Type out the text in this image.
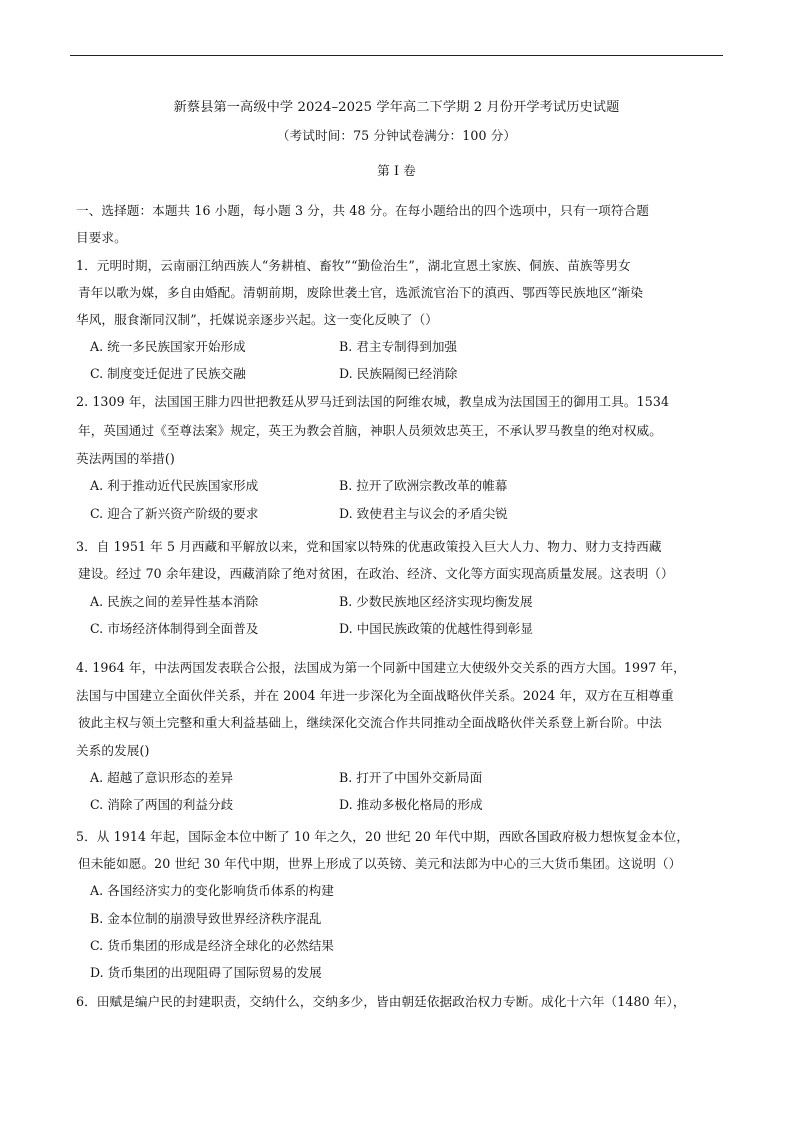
新蔡县第一高级中学 2024–2025 学年高二下学期 2 月份开学考试历史试题
（考试时间：75 分钟试卷满分：100 分）
第 I 卷
一、选择题：本题共 16 小题，每小题 3 分，共 48 分。在每小题给出的四个选项中，只有一项符合题
目要求。
1．元明时期，云南丽江纳西族人“务耕植、畜牧”“勤俭治生”，湖北宣恩土家族、侗族、苗族等男女
青年以歌为媒，多自由婚配。清朝前期，废除世袭土官，选派流官治下的滇西、鄂西等民族地区“渐染
华风，服食渐同汉制”，托媒说亲逐步兴起。这一变化反映了（）
A. 统一多民族国家开始形成	B. 君主专制得到加强
C. 制度变迁促进了民族交融	D. 民族隔阂已经消除
2. 1309 年，法国国王腓力四世把教廷从罗马迁到法国的阿维农城，教皇成为法国国王的御用工具。1534
年，英国通过《至尊法案》规定，英王为教会首脑，神职人员须效忠英王，不承认罗马教皇的绝对权威。
英法两国的举措()
A. 利于推动近代民族国家形成	B. 拉开了欧洲宗教改革的帷幕
C. 迎合了新兴资产阶级的要求	D. 致使君主与议会的矛盾尖锐
3．自 1951 年 5 月西藏和平解放以来，党和国家以特殊的优惠政策投入巨大人力、物力、财力支持西藏
建设。经过 70 余年建设，西藏消除了绝对贫困，在政治、经济、文化等方面实现高质量发展。这表明（）
A. 民族之间的差异性基本消除	B. 少数民族地区经济实现均衡发展
C. 市场经济体制得到全面普及	D. 中国民族政策的优越性得到彰显
4. 1964 年，中法两国发表联合公报，法国成为第一个同新中国建立大使级外交关系的西方大国。1997 年，
法国与中国建立全面伙伴关系，并在 2004 年进一步深化为全面战略伙伴关系。2024 年，双方在互相尊重
彼此主权与领土完整和重大利益基础上，继续深化交流合作共同推动全面战略伙伴关系登上新台阶。中法
关系的发展()
A. 超越了意识形态的差异	B. 打开了中国外交新局面
C. 消除了两国的利益分歧	D. 推动多极化格局的形成
5．从 1914 年起，国际金本位中断了 10 年之久，20 世纪 20 年代中期，西欧各国政府极力想恢复金本位，
但未能如愿。20 世纪 30 年代中期，世界上形成了以英镑、美元和法郎为中心的三大货币集团。这说明（）
A. 各国经济实力的变化影响货币体系的构建
B. 金本位制的崩溃导致世界经济秩序混乱
C. 货币集团的形成是经济全球化的必然结果
D. 货币集团的出现阻碍了国际贸易的发展
6．田赋是编户民的封建职责，交纳什么，交纳多少，皆由朝廷依据政治权力专断。成化十六年（1480 年），
